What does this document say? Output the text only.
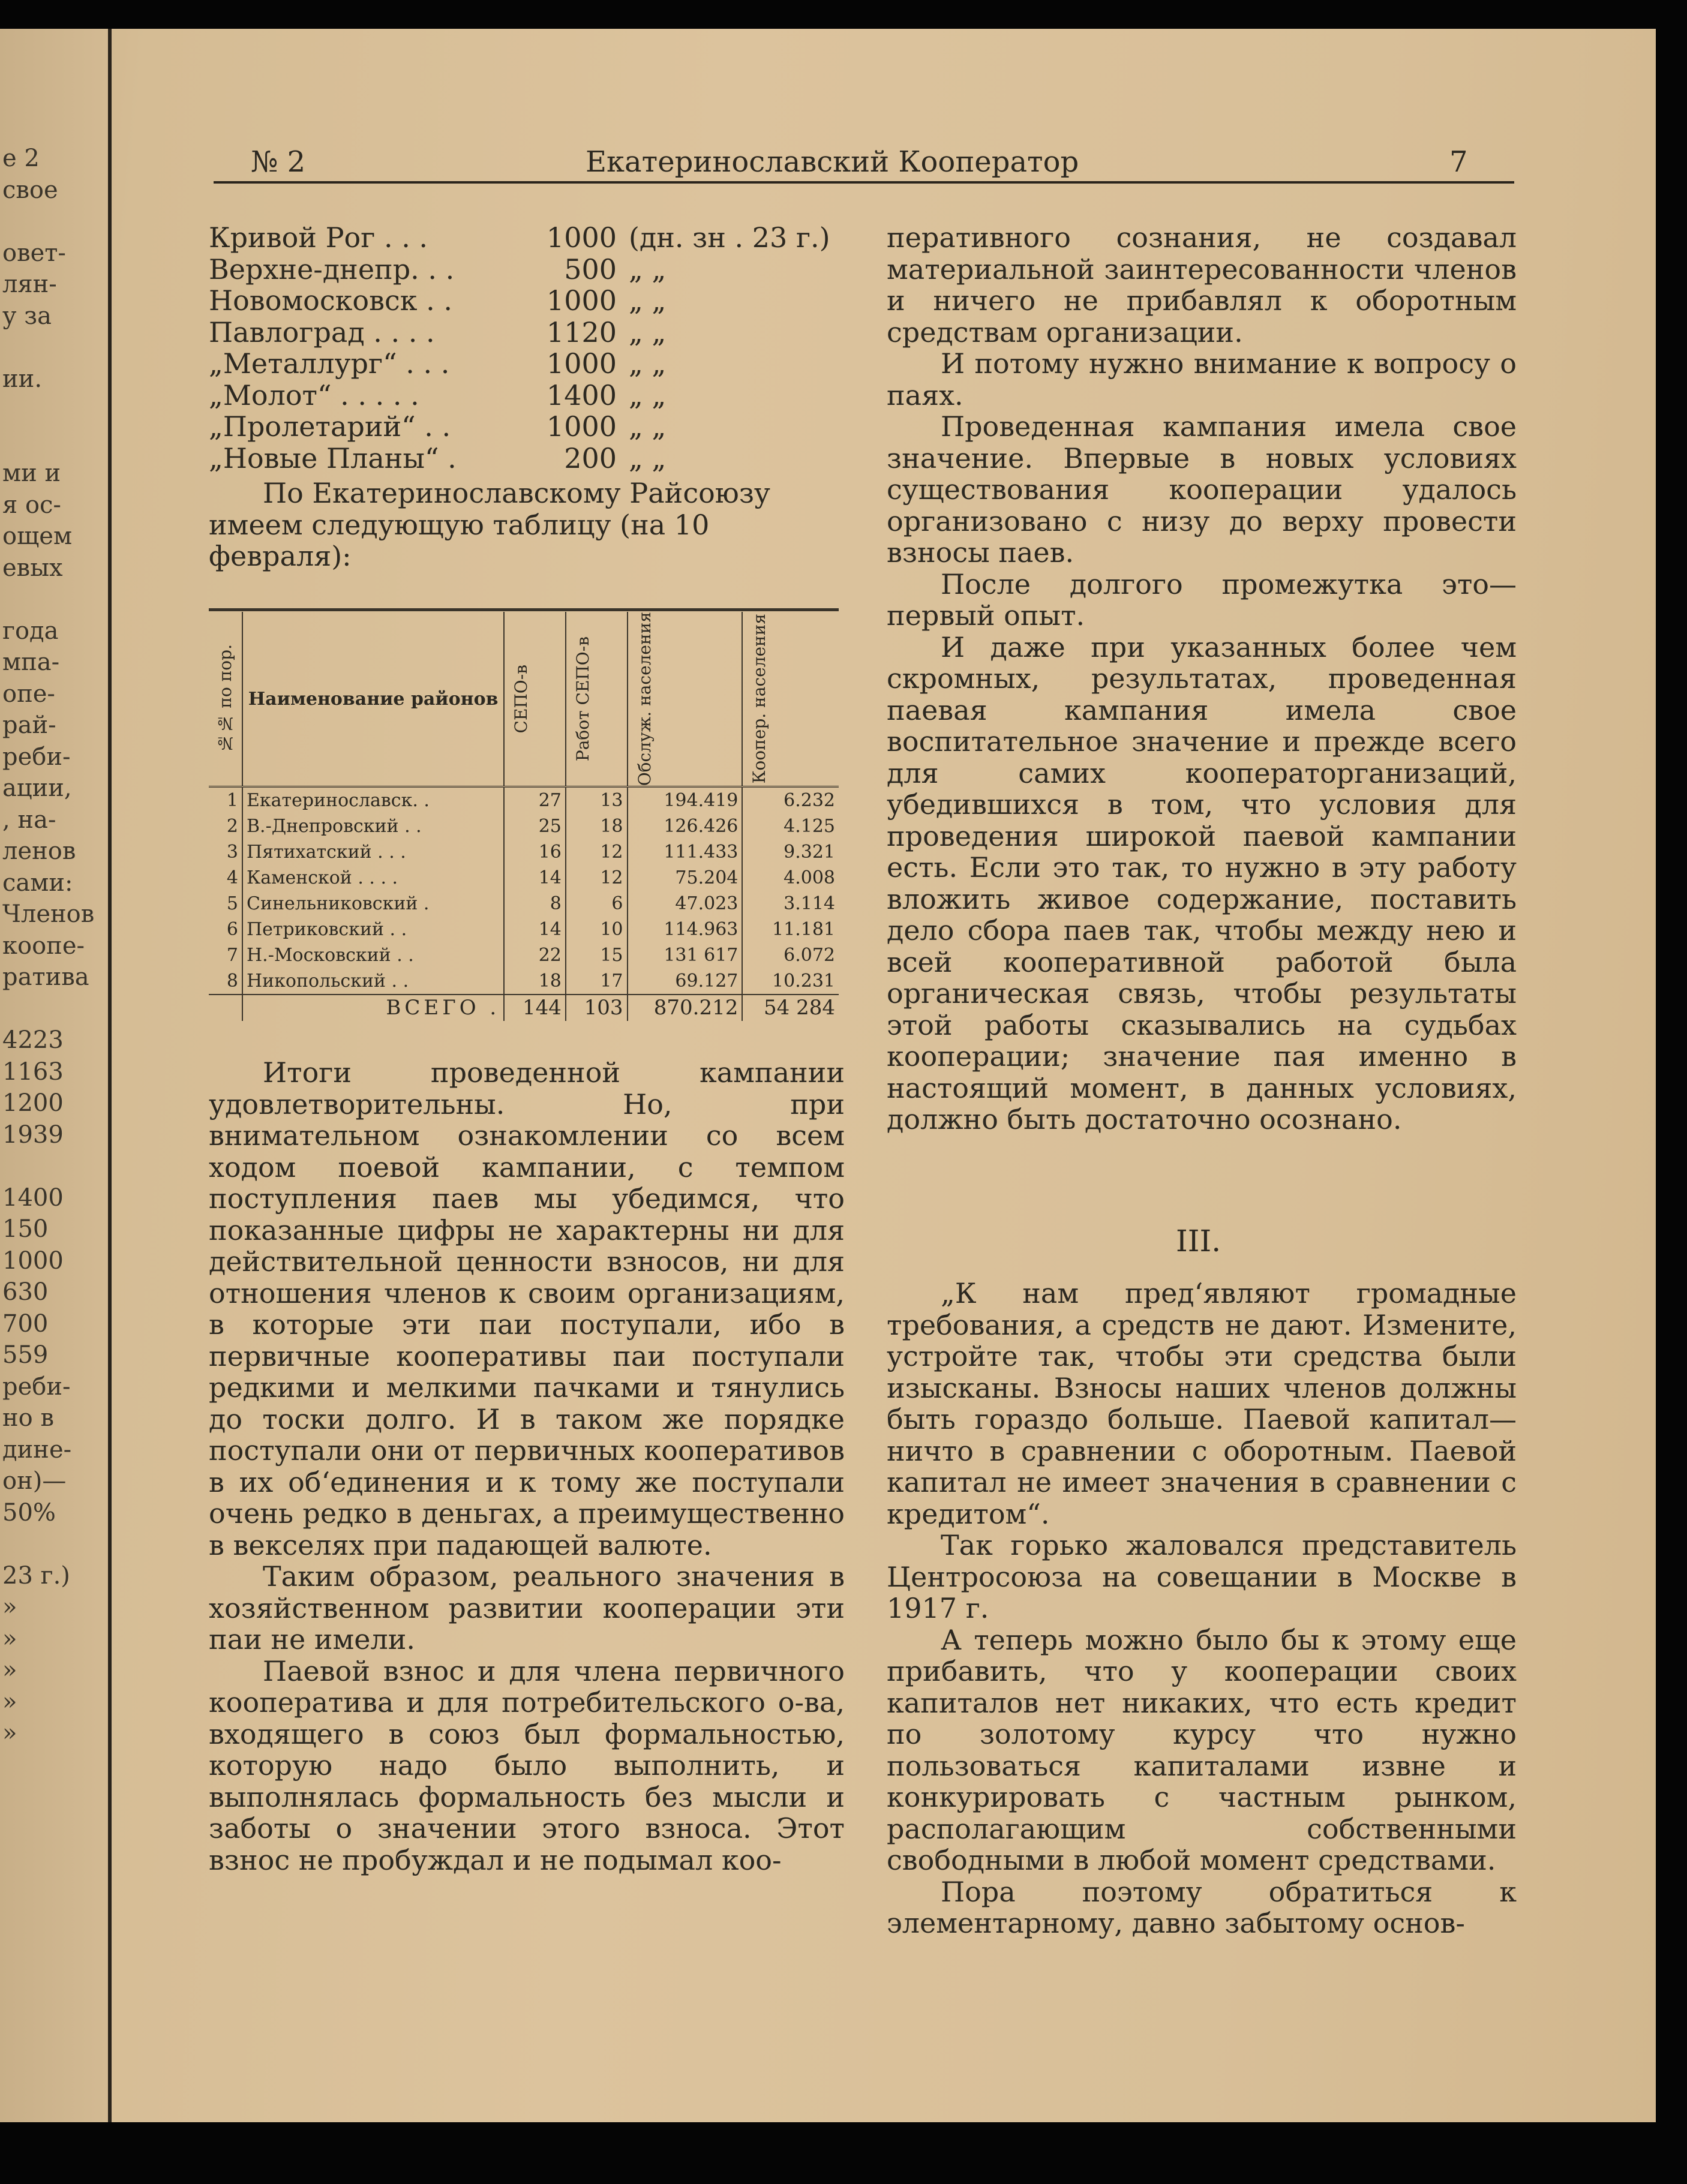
е 2
свое
овет-
лян-
у за
ии.
ми и
я ос-
ощем
евых
года
мпа-
опе-
рай-
реби-
ации,
, на-
ленов
сами:
Членов
коопе-
ратива
4223
1163
1200
1939
1400
150
1000
630
700
559
реби-
но в
дине-
он)—
50%
23 г.)
»
»
»
»
»
№ 2	Екатеринославский Кооператор	7
Кривой Рог . . .	1000 (дн. зн . 23 г.)
Верхне-днепр. . .	500 „ „
Новомосковск . .	1000 „ „
Павлоград . . . .	1120 „ „
„Металлург“ . . .	1000 „ „
„Молот“ . . . . .	1400 „ „
„Пролетарий“ . .	1000 „ „
„Новые Планы“ .	200 „ „

По Екатеринославскому Райсоюзу имеем следующую таблицу (на 10 февраля):

№№ по пор.	Наименование районов	СЕПО-в	Работ СЕПО-в	Обслуж. населения	Коопер. населения

1	Екатеринославск. .	27	13	194.419	6.232
2	В.-Днепровский . .	25	18	126.426	4.125
3	Пятихатский . . .	16	12	111.433	9.321
4	Каменской . . . .	14	12	75.204	4.008
5	Синельниковский .	8	6	47.023	3.114
6	Петриковский . .	14	10	114.963	11.181
7	Н.-Московский . .	22	15	131 617	6.072
8	Никопольский . .	18	17	69.127	10.231
	ВСЕГО .	144	103	870.212	54 284

Итоги проведенной кампании удовлетворительны. Но, при внимательном ознакомлении со всем ходом поевой кампании, с темпом поступления паев мы убедимся, что показанные цифры не характерны ни для действительной ценности взносов, ни для отношения членов к своим организациям, в которые эти паи поступали, ибо в первичные кооперативы паи поступали редкими и мелкими пачками и тянулись до тоски долго. И в таком же порядке поступали они от первичных кооперативов в их об‘единения и к тому же поступали очень редко в деньгах, а преимущественно в векселях при падающей валюте.

Таким образом, реального значения в хозяйственном развитии кооперации эти паи не имели.

Паевой взнос и для члена первичного кооператива и для потребительского о-ва, входящего в союз был формальностью, которую надо было выполнить, и выполнялась формальность без мысли и заботы о значении этого взноса. Этот взнос не пробуждал и не подымал коо-

перативного сознания, не создавал материальной заинтересованности членов и ничего не прибавлял к оборотным средствам организации.

И потому нужно внимание к вопросу о паях.

Проведенная кампания имела свое значение. Впервые в новых условиях существования кооперации удалось организовано с низу до верху провести взносы паев.

После долгого промежутка это—первый опыт.

И даже при указанных более чем скромных, результатах, проведенная паевая кампания имела свое воспитательное значение и прежде всего для самих кооператорганизаций, убедившихся в том, что условия для проведения широкой паевой кампании есть. Если это так, то нужно в эту работу вложить живое содержание, поставить дело сбора паев так, чтобы между нею и всей кооперативной работой была органическая связь, чтобы результаты этой работы сказывались на судьбах кооперации; значение пая именно в настоящий момент, в данных условиях, должно быть достаточно осознано.

III.

„К нам пред‘являют громадные требования, а средств не дают. Измените, устройте так, чтобы эти средства были изысканы. Взносы наших членов должны быть гораздо больше. Паевой капитал—ничто в сравнении с оборотным. Паевой капитал не имеет значения в сравнении с кредитом“.

Так горько жаловался представитель Центросоюза на совещании в Москве в 1917 г.

А теперь можно было бы к этому еще прибавить, что у кооперации своих капиталов нет никаких, что есть кредит по золотому курсу что нужно пользоваться капиталами извне и конкурировать с частным рынком, располагающим собственными свободными в любой момент средствами.

Пора поэтому обратиться к элементарному, давно забытому основ-
